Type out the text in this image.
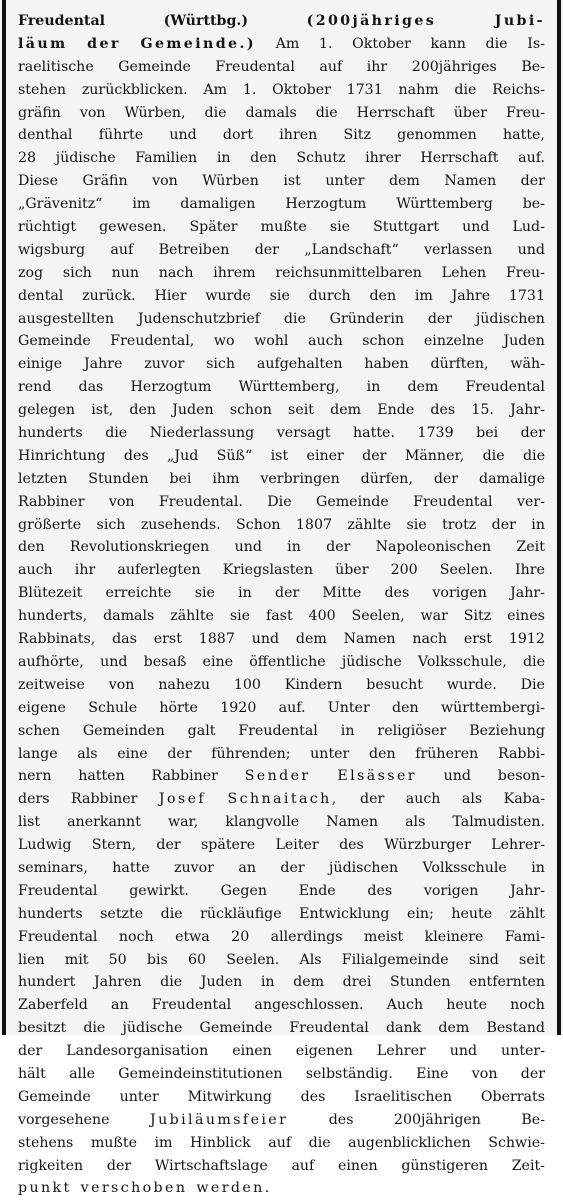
Freudental	(Württbg.)	(200jähriges	Jubi-
läum der Gemeinde.) Am 1. Oktober kann die Is-
raelitische Gemeinde Freudental auf ihr 200jähriges Be-
stehen zurückblicken. Am 1. Oktober 1731 nahm die Reichs-
gräfin von Würben, die damals die Herrschaft über Freu-
denthal führte und dort ihren Sitz genommen hatte,
28 jüdische Familien in den Schutz ihrer Herrschaft auf.
Diese Gräfin von Würben ist unter dem Namen der
„Grävenitz“ im damaligen Herzogtum Württemberg be-
rüchtigt gewesen. Später mußte sie Stuttgart und Lud-
wigsburg auf Betreiben der „Landschaft“ verlassen und
zog sich nun nach ihrem reichsunmittelbaren Lehen Freu-
dental zurück. Hier wurde sie durch den im Jahre 1731
ausgestellten Judenschutzbrief die Gründerin der jüdischen
Gemeinde Freudental, wo wohl auch schon einzelne Juden
einige Jahre zuvor sich aufgehalten haben dürften, wäh-
rend das Herzogtum Württemberg, in dem Freudental
gelegen ist, den Juden schon seit dem Ende des 15. Jahr-
hunderts die Niederlassung versagt hatte. 1739 bei der
Hinrichtung des „Jud Süß“ ist einer der Männer, die die
letzten Stunden bei ihm verbringen dürfen, der damalige
Rabbiner von Freudental. Die Gemeinde Freudental ver-
größerte sich zusehends. Schon 1807 zählte sie trotz der in
den Revolutionskriegen und in der Napoleonischen Zeit
auch ihr auferlegten Kriegslasten über 200 Seelen. Ihre
Blütezeit erreichte sie in der Mitte des vorigen Jahr-
hunderts, damals zählte sie fast 400 Seelen, war Sitz eines
Rabbinats, das erst 1887 und dem Namen nach erst 1912
aufhörte, und besaß eine öffentliche jüdische Volksschule, die
zeitweise von nahezu 100 Kindern besucht wurde. Die
eigene Schule hörte 1920 auf. Unter den württembergi-
schen Gemeinden galt Freudental in religiöser Beziehung
lange als eine der führenden; unter den früheren Rabbi-
nern hatten Rabbiner Sender Elsässer und beson-
ders Rabbiner Josef Schnaitach, der auch als Kaba-
list anerkannt war, klangvolle Namen als Talmudisten.
Ludwig Stern, der spätere Leiter des Würzburger Lehrer-
seminars, hatte zuvor an der jüdischen Volksschule in
Freudental gewirkt. Gegen Ende des vorigen Jahr-
hunderts setzte die rückläufige Entwicklung ein; heute zählt
Freudental noch etwa 20 allerdings meist kleinere Fami-
lien mit 50 bis 60 Seelen. Als Filialgemeinde sind seit
hundert Jahren die Juden in dem drei Stunden entfernten
Zaberfeld an Freudental angeschlossen. Auch heute noch
besitzt die jüdische Gemeinde Freudental dank dem Bestand
der Landesorganisation einen eigenen Lehrer und unter-
hält alle Gemeindeinstitutionen selbständig. Eine von der
Gemeinde unter Mitwirkung des Israelitischen Oberrats
vorgesehene	Jubiläumsfeier	des	200jährigen	Be-
stehens mußte im Hinblick auf die augenblicklichen Schwie-
rigkeiten der Wirtschaftslage auf einen günstigeren Zeit-
punkt verschoben werden.
